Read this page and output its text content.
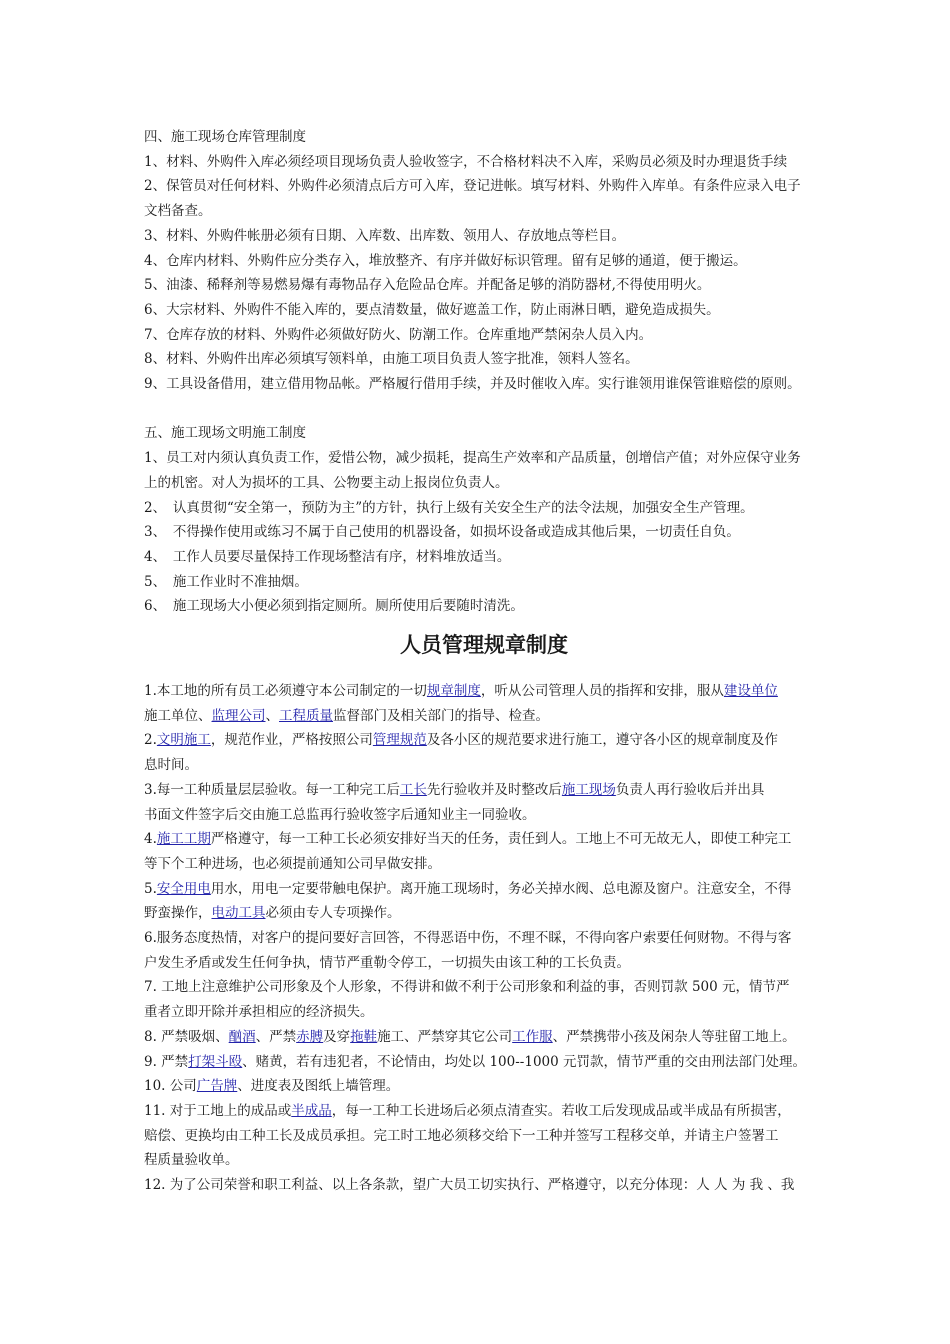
四、施工现场仓库管理制度
1、材料、外购件入库必须经项目现场负责人验收签字，不合格材料决不入库，采购员必须及时办理退货手续
2、保管员对任何材料、外购件必须清点后方可入库，登记进帐。填写材料、外购件入库单。有条件应录入电子
文档备查。
3、材料、外购件帐册必须有日期、入库数、出库数、领用人、存放地点等栏目。
4、仓库内材料、外购件应分类存入，堆放整齐、有序并做好标识管理。留有足够的通道，便于搬运。
5、油漆、稀释剂等易燃易爆有毒物品存入危险品仓库。并配备足够的消防器材,不得使用明火。
6、大宗材料、外购件不能入库的，要点清数量，做好遮盖工作，防止雨淋日晒，避免造成损失。
7、仓库存放的材料、外购件必须做好防火、防潮工作。仓库重地严禁闲杂人员入内。
8、材料、外购件出库必须填写领料单，由施工项目负责人签字批准，领料人签名。
9、工具设备借用，建立借用物品帐。严格履行借用手续，并及时催收入库。实行谁领用谁保管谁赔偿的原则。
五、施工现场文明施工制度
1、员工对内须认真负责工作，爱惜公物，减少损耗，提高生产效率和产品质量，创增信产值；对外应保守业务
上的机密。对人为损坏的工具、公物要主动上报岗位负责人。
2、　认真贯彻“安全第一，预防为主”的方针，执行上级有关安全生产的法令法规，加强安全生产管理。
3、　不得操作使用或练习不属于自己使用的机器设备，如损坏设备或造成其他后果，一切责任自负。
4、　工作人员要尽量保持工作现场整洁有序，材料堆放适当。
5、　施工作业时不准抽烟。
6、　施工现场大小便必须到指定厕所。厕所使用后要随时清洗。
人员管理规章制度
1.本工地的所有员工必须遵守本公司制定的一切规章制度，听从公司管理人员的指挥和安排，服从建设单位
施工单位、监理公司、工程质量监督部门及相关部门的指导、检查。
2.文明施工，规范作业，严格按照公司管理规范及各小区的规范要求进行施工，遵守各小区的规章制度及作
息时间。
3.每一工种质量层层验收。每一工种完工后工长先行验收并及时整改后施工现场负责人再行验收后并出具
书面文件签字后交由施工总监再行验收签字后通知业主一同验收。
4.施工工期严格遵守，每一工种工长必须安排好当天的任务，责任到人。工地上不可无故无人，即使工种完工
等下个工种进场，也必须提前通知公司早做安排。
5.安全用电用水，用电一定要带触电保护。离开施工现场时，务必关掉水阀、总电源及窗户。注意安全，不得
野蛮操作，电动工具必须由专人专项操作。
6.服务态度热情，对客户的提问要好言回答，不得恶语中伤，不理不睬，不得向客户索要任何财物。不得与客
户发生矛盾或发生任何争执，情节严重勒令停工，一切损失由该工种的工长负责。
7. 工地上注意维护公司形象及个人形象，不得讲和做不利于公司形象和利益的事，否则罚款 500 元，情节严
重者立即开除并承担相应的经济损失。
8. 严禁吸烟、酗酒、严禁赤膊及穿拖鞋施工、严禁穿其它公司工作服、严禁携带小孩及闲杂人等驻留工地上。
9. 严禁打架斗殴、赌黄，若有违犯者，不论情由，均处以 100--1000 元罚款，情节严重的交由刑法部门处理。
10. 公司广告牌、进度表及图纸上墙管理。
11. 对于工地上的成品或半成品，每一工种工长进场后必须点清查实。若收工后发现成品或半成品有所损害，
赔偿、更换均由工种工长及成员承担。完工时工地必须移交给下一工种并签写工程移交单，并请主户签署工
程质量验收单。
12. 为了公司荣誉和职工利益、以上各条款，望广大员工切实执行、严格遵守，以充分体现：人 人 为 我 、我
